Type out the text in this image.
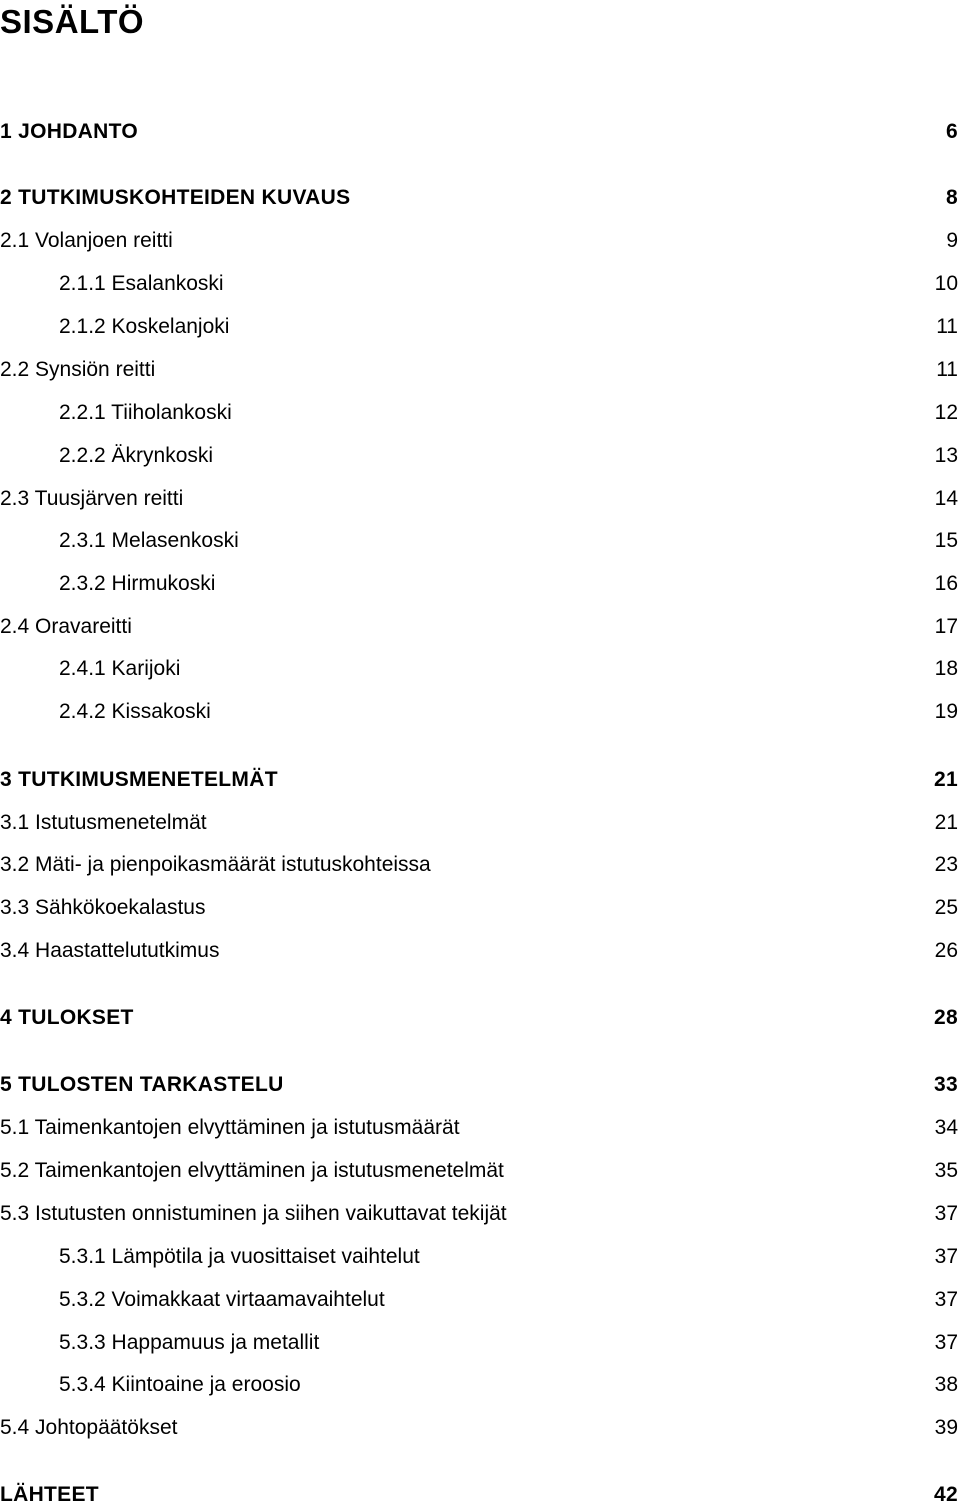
SISÄLTÖ
1 JOHDANTO	6
2 TUTKIMUSKOHTEIDEN KUVAUS	8
2.1 Volanjoen reitti	9
2.1.1 Esalankoski	10
2.1.2 Koskelanjoki	11
2.2 Synsiön reitti	11
2.2.1 Tiiholankoski	12
2.2.2 Äkrynkoski	13
2.3 Tuusjärven reitti	14
2.3.1 Melasenkoski	15
2.3.2 Hirmukoski	16
2.4 Oravareitti	17
2.4.1 Karijoki	18
2.4.2 Kissakoski	19
3 TUTKIMUSMENETELMÄT	21
3.1 Istutusmenetelmät	21
3.2 Mäti- ja pienpoikasmäärät istutuskohteissa	23
3.3 Sähkökoekalastus	25
3.4 Haastattelututkimus	26
4 TULOKSET	28
5 TULOSTEN TARKASTELU	33
5.1 Taimenkantojen elvyttäminen ja istutusmäärät	34
5.2 Taimenkantojen elvyttäminen ja istutusmenetelmät	35
5.3 Istutusten onnistuminen ja siihen vaikuttavat tekijät	37
5.3.1 Lämpötila ja vuosittaiset vaihtelut	37
5.3.2 Voimakkaat virtaamavaihtelut	37
5.3.3 Happamuus ja metallit	37
5.3.4 Kiintoaine ja eroosio	38
5.4 Johtopäätökset	39
LÄHTEET	42
